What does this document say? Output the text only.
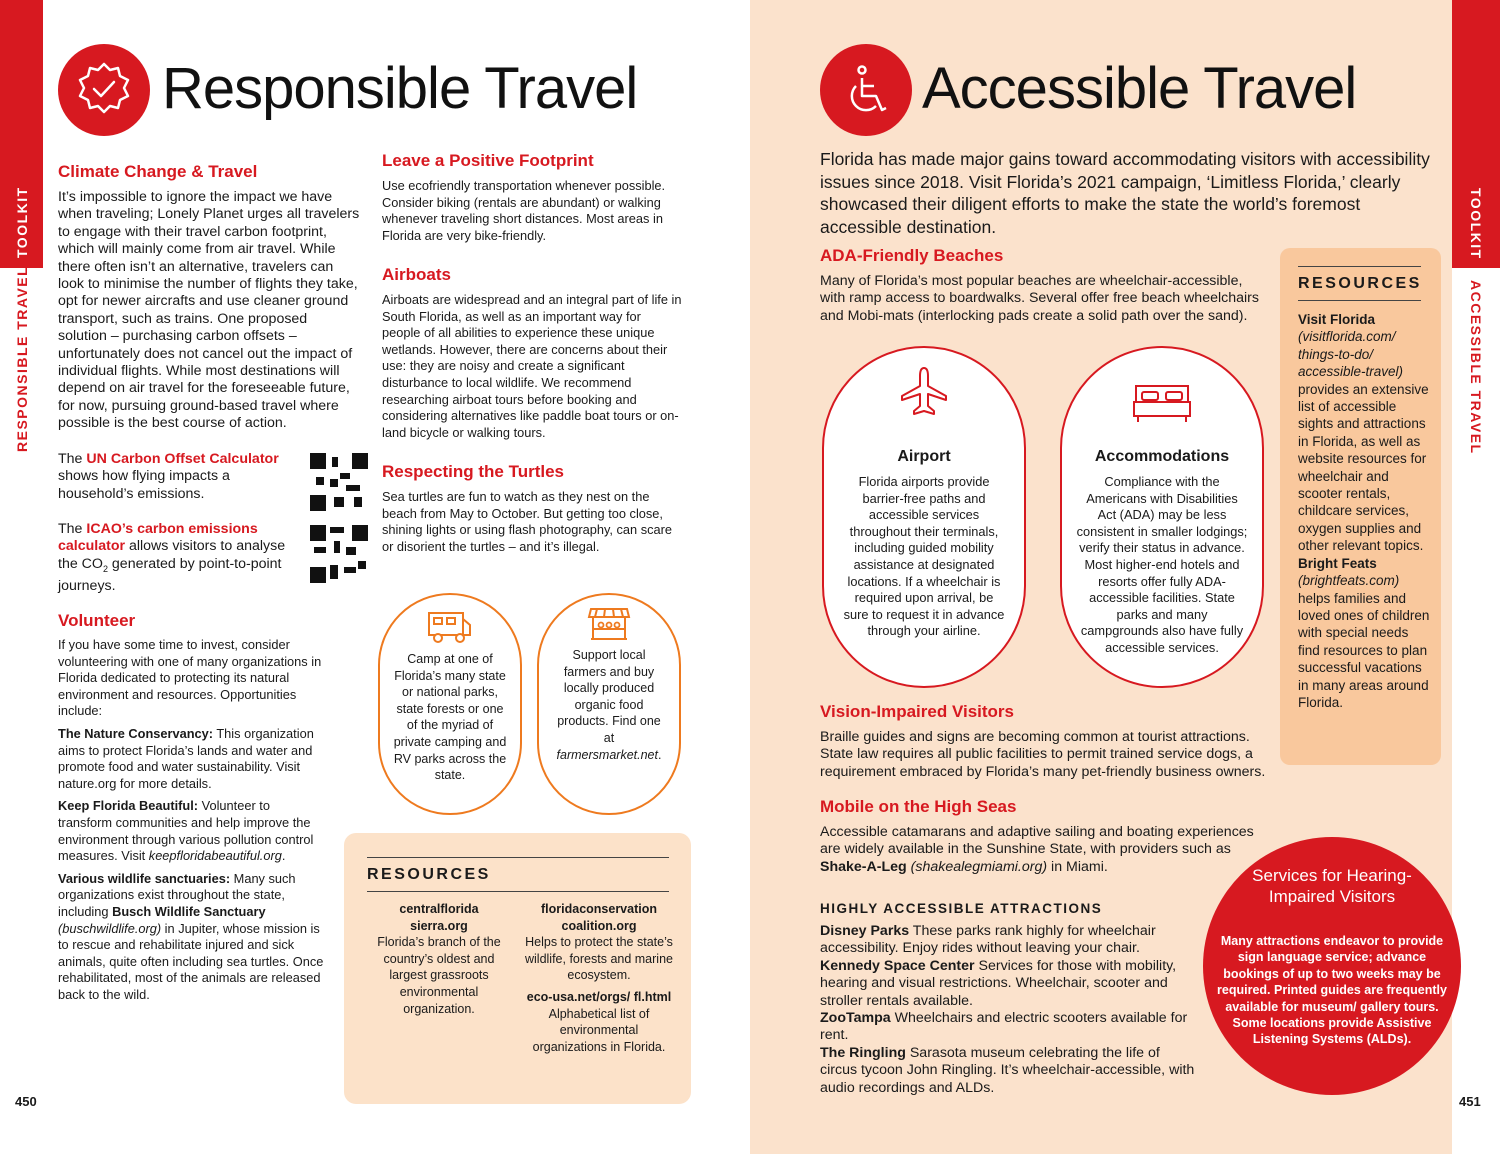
TOOLKIT
RESPONSIBLE TRAVEL
Responsible Travel
Climate Change & Travel

It’s impossible to ignore the impact we have when traveling; Lonely Planet urges all travelers to engage with their travel carbon footprint, which will mainly come from air travel. While there often isn’t an alternative, travelers can look to minimise the number of flights they take, opt for newer aircrafts and use cleaner ground transport, such as trains. One proposed solution – purchasing carbon offsets – unfortunately does not cancel out the impact of individual flights. While most destinations will depend on air travel for the foreseeable future, for now, pursuing ground-based travel where possible is the best course of action.

The UN Carbon Offset Calculator shows how flying impacts a household’s emissions.
The ICAO’s carbon emissions calculator allows visitors to analyse the $CO_2$ generated by point-to-point journeys.
Volunteer

If you have some time to invest, consider volunteering with one of many organizations in Florida dedicated to protecting its natural environment and resources. Opportunities include:

The Nature Conservancy: This organization aims to protect Florida’s lands and water and promote food and water sustainability. Visit nature.org for more details.

Keep Florida Beautiful: Volunteer to transform communities and help improve the environment through various pollution control measures. Visit keepfloridabeautiful.org.

Various wildlife sanctuaries: Many such organizations exist throughout the state, including Busch Wildlife Sanctuary (buschwildlife.org) in Jupiter, whose mission is to rescue and rehabilitate injured and sick animals, quite often including sea turtles. Once rehabilitated, most of the animals are released back to the wild.

Leave a Positive Footprint

Use ecofriendly transportation whenever possible. Consider biking (rentals are abundant) or walking whenever traveling short distances. Most areas in Florida are very bike-friendly.

Airboats

Airboats are widespread and an integral part of life in South Florida, as well as an important way for people of all abilities to experience these unique wetlands. However, there are concerns about their use: they are noisy and create a significant disturbance to local wildlife. We recommend researching airboat tours before booking and considering alternatives like paddle boat tours or on-land bicycle or walking tours.

Respecting the Turtles

Sea turtles are fun to watch as they nest on the beach from May to October. But getting too close, shining lights or using flash photography, can scare or disorient the turtles – and it’s illegal.

Camp at one of Florida’s many state or national parks, state forests or one of the myriad of private camping and RV parks across the state.

Support local farmers and buy locally produced organic food products. Find one at farmersmarket.net.

RESOURCES
centralflorida sierra.org
Florida’s branch of the country’s oldest and largest grassroots environmental organization.
floridaconservation coalition.org
Helps to protect the state’s wildlife, forests and marine ecosystem.
eco-usa.net/orgs/ fl.html
Alphabetical list of environmental organizations in Florida.
450
TOOLKIT
ACCESSIBLE TRAVEL
Accessible Travel

Florida has made major gains toward accommodating visitors with accessibility issues since 2018. Visit Florida’s 2021 campaign, ‘Limitless Florida,’ clearly showcased their diligent efforts to make the state the world’s foremost accessible destination.

ADA-Friendly Beaches

Many of Florida’s most popular beaches are wheelchair-accessible, with ramp access to boardwalks. Several offer free beach wheelchairs and Mobi-mats (interlocking pads create a solid path over the sand).

Airport

Florida airports provide barrier-free paths and accessible services throughout their terminals, including guided mobility assistance at designated locations. If a wheelchair is required upon arrival, be sure to request it in advance through your airline.

Accommodations

Compliance with the Americans with Disabilities Act (ADA) may be less consistent in smaller lodgings; verify their status in advance. Most higher-end hotels and resorts offer fully ADA-accessible facilities. State parks and many campgrounds also have fully accessible services.

Vision-Impaired Visitors

Braille guides and signs are becoming common at tourist attractions. State law requires all public facilities to permit trained service dogs, a requirement embraced by Florida’s many pet-friendly business owners.

Mobile on the High Seas

Accessible catamarans and adaptive sailing and boating experiences are widely available in the Sunshine State, with providers such as Shake-A-Leg (shakealegmiami.org) in Miami.

HIGHLY ACCESSIBLE ATTRACTIONS

Disney Parks These parks rank highly for wheelchair accessibility. Enjoy rides without leaving your chair.

Kennedy Space Center Services for those with mobility, hearing and visual restrictions. Wheelchair, scooter and stroller rentals available.

ZooTampa Wheelchairs and electric scooters available for rent.

The Ringling Sarasota museum celebrating the life of circus tycoon John Ringling. It’s wheelchair-accessible, with audio recordings and ALDs.

RESOURCES
Visit Florida
(visitflorida.com/ things-to-do/ accessible-travel)
provides an extensive list of accessible sights and attractions in Florida, as well as website resources for wheelchair and scooter rentals, childcare services, oxygen supplies and other relevant topics.
Bright Feats
(brightfeats.com)
helps families and loved ones of children with special needs find resources to plan successful vacations in many areas around Florida.
Services for Hearing-Impaired Visitors

Many attractions endeavor to provide sign language service; advance bookings of up to two weeks may be required. Printed guides are frequently available for museum/ gallery tours. Some locations provide Assistive Listening Systems (ALDs).

451
